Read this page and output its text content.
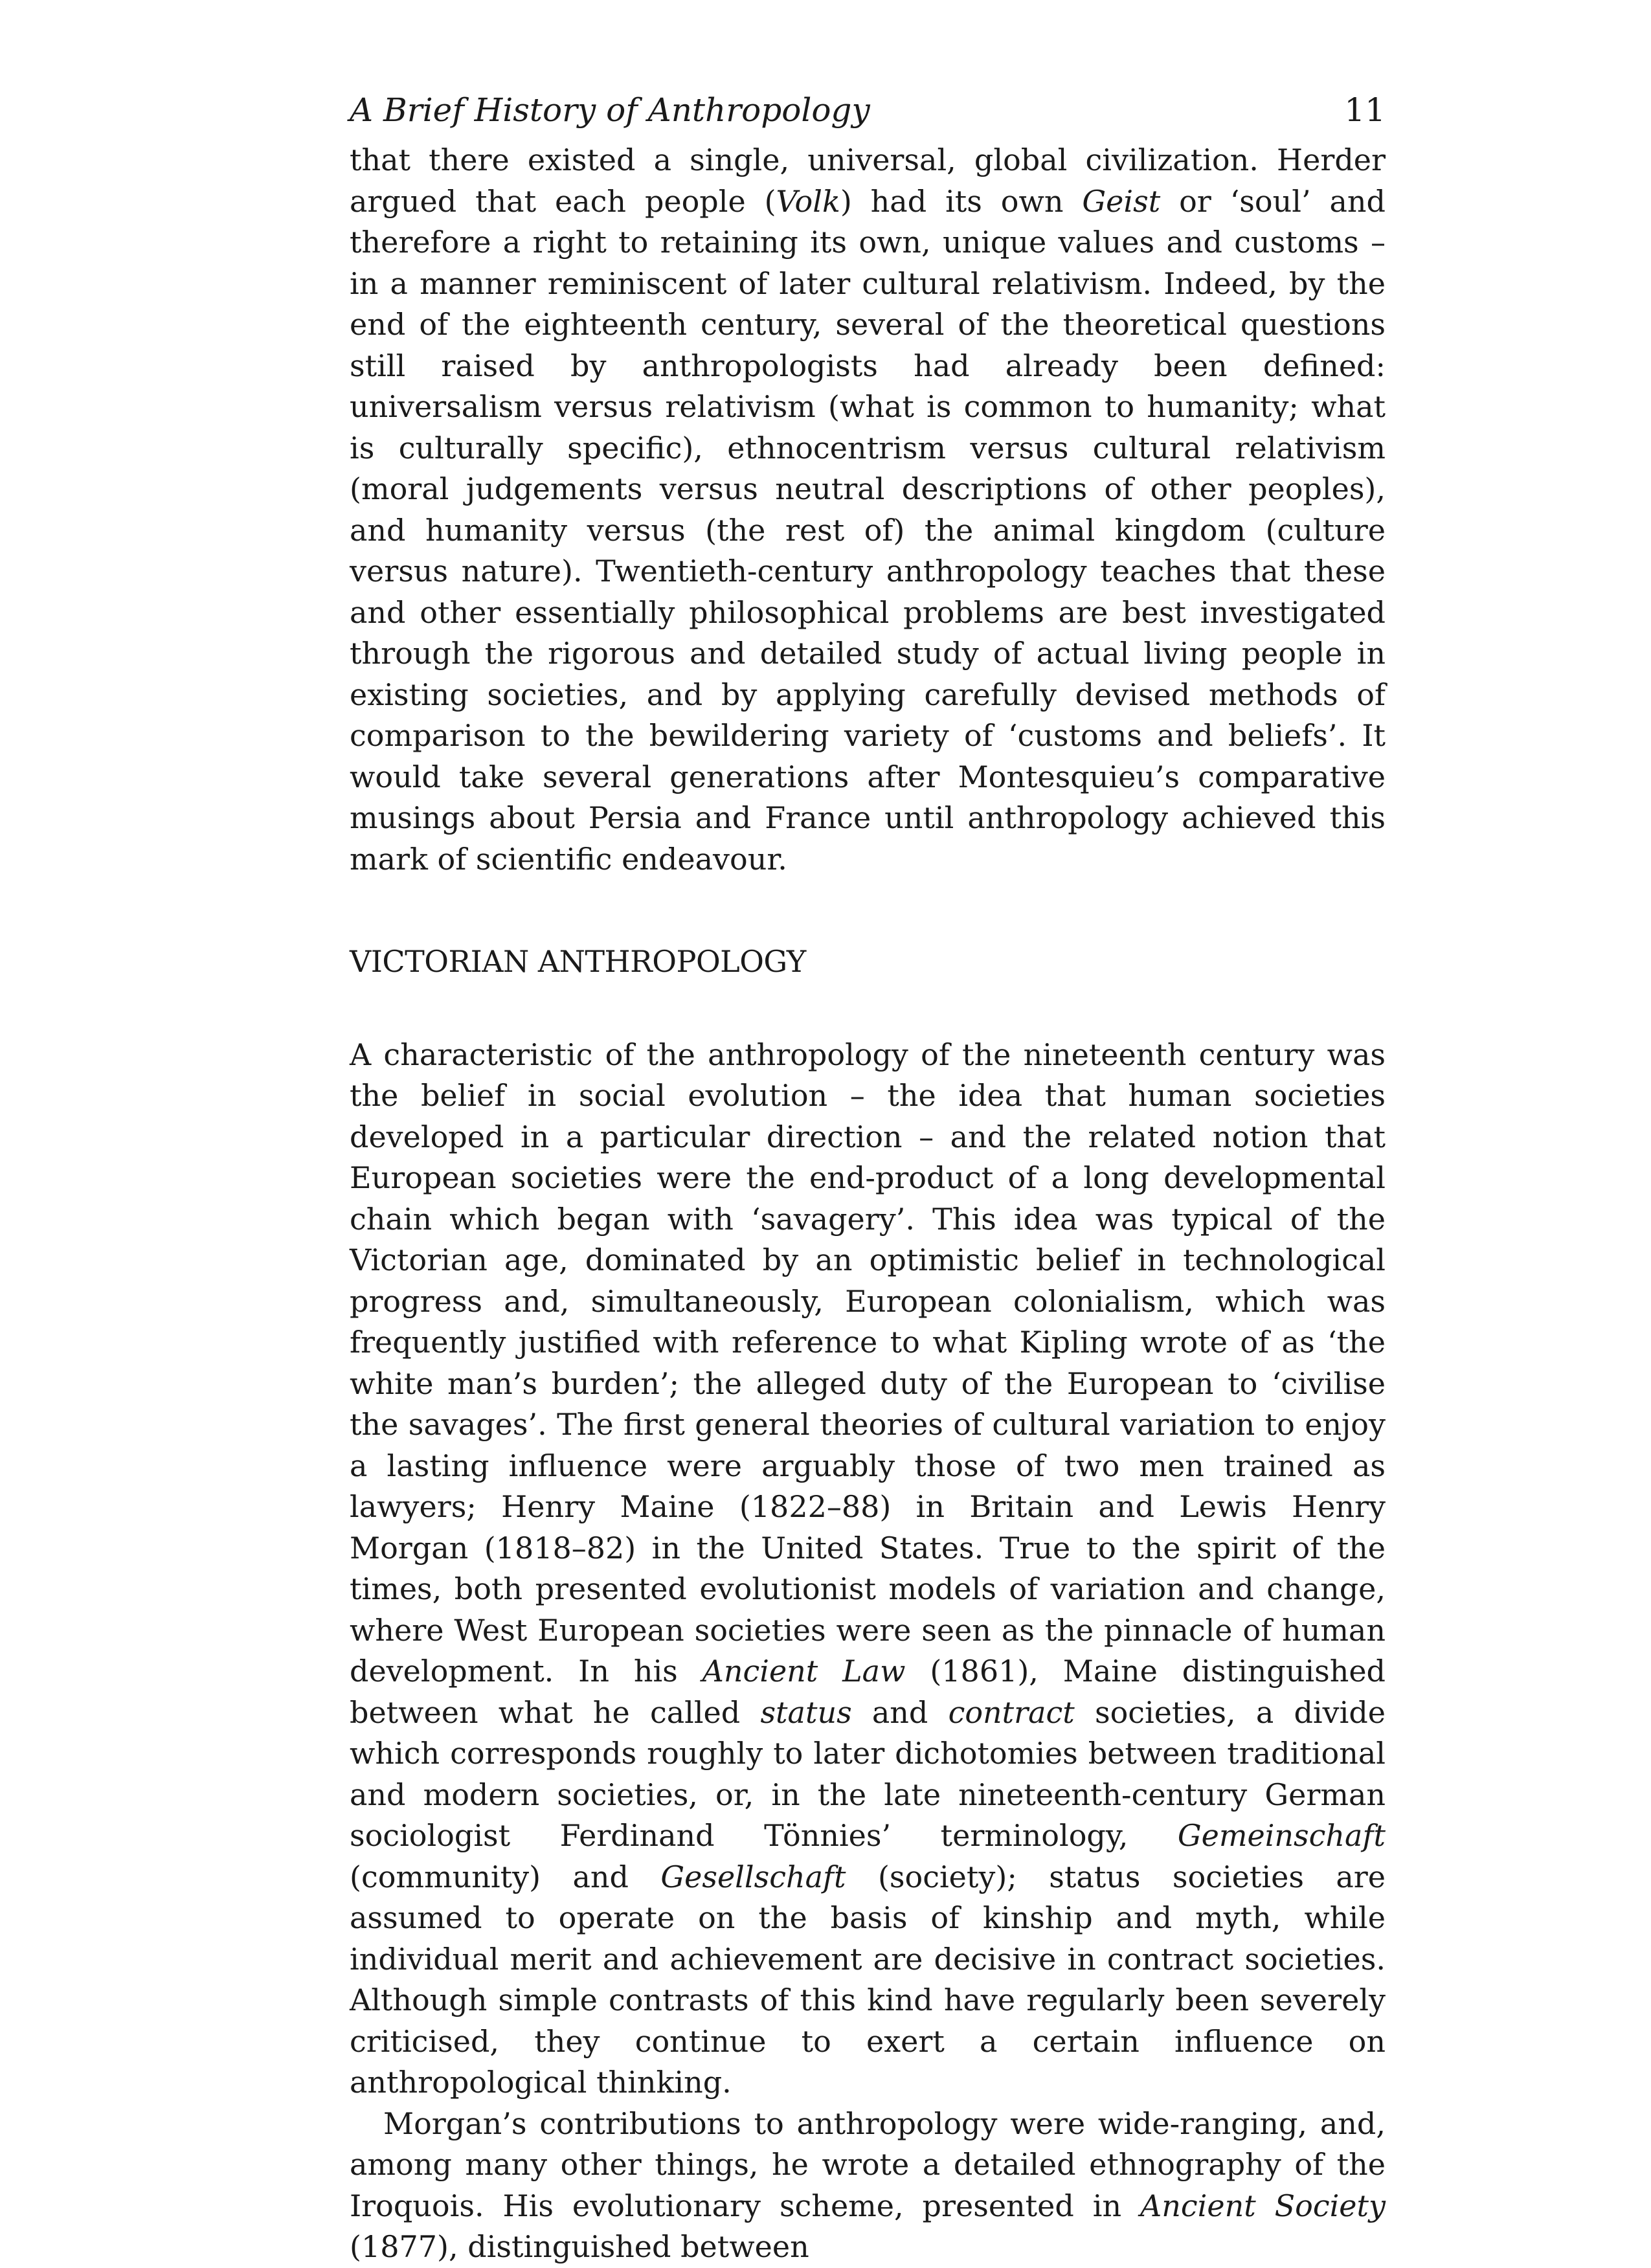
A Brief History of Anthropology	11

that there existed a single, universal, global civilization. Herder argued that each people (Volk) had its own Geist or ‘soul’ and therefore a right to retaining its own, unique values and customs – in a manner reminiscent of later cultural relativism. Indeed, by the end of the eighteenth century, several of the theoretical questions still raised by anthropologists had already been defined: universalism versus relativism (what is common to humanity; what is culturally specific), ethnocentrism versus cultural relativism (moral judgements versus neutral descriptions of other peoples), and humanity versus (the rest of) the animal kingdom (culture versus nature). Twentieth-century anthropology teaches that these and other essentially philosophical problems are best investigated through the rigorous and detailed study of actual living people in existing societies, and by applying carefully devised methods of comparison to the bewildering variety of ‘customs and beliefs’. It would take several generations after Montesquieu’s comparative musings about Persia and France until anthropology achieved this mark of scientific endeavour.

VICTORIAN ANTHROPOLOGY

A characteristic of the anthropology of the nineteenth century was the belief in social evolution – the idea that human societies developed in a particular direction – and the related notion that European societies were the end-product of a long developmental chain which began with ‘savagery’. This idea was typical of the Victorian age, dominated by an optimistic belief in technological progress and, simultaneously, European colonialism, which was frequently justified with reference to what Kipling wrote of as ‘the white man’s burden’; the alleged duty of the European to ‘civilise the savages’. The first general theories of cultural variation to enjoy a lasting influence were arguably those of two men trained as lawyers; Henry Maine (1822–88) in Britain and Lewis Henry Morgan (1818–82) in the United States. True to the spirit of the times, both presented evolutionist models of variation and change, where West European societies were seen as the pinnacle of human development. In his Ancient Law (1861), Maine distinguished between what he called status and contract societies, a divide which corresponds roughly to later dichotomies between traditional and modern societies, or, in the late nineteenth-century German sociologist Ferdinand Tönnies’ terminology, Gemeinschaft (community) and Gesellschaft (society); status societies are assumed to operate on the basis of kinship and myth, while individual merit and achievement are decisive in contract societies. Although simple contrasts of this kind have regularly been severely criticised, they continue to exert a certain influence on anthropological thinking.

Morgan’s contributions to anthropology were wide-ranging, and, among many other things, he wrote a detailed ethnography of the Iroquois. His evolutionary scheme, presented in Ancient Society (1877), distinguished between
